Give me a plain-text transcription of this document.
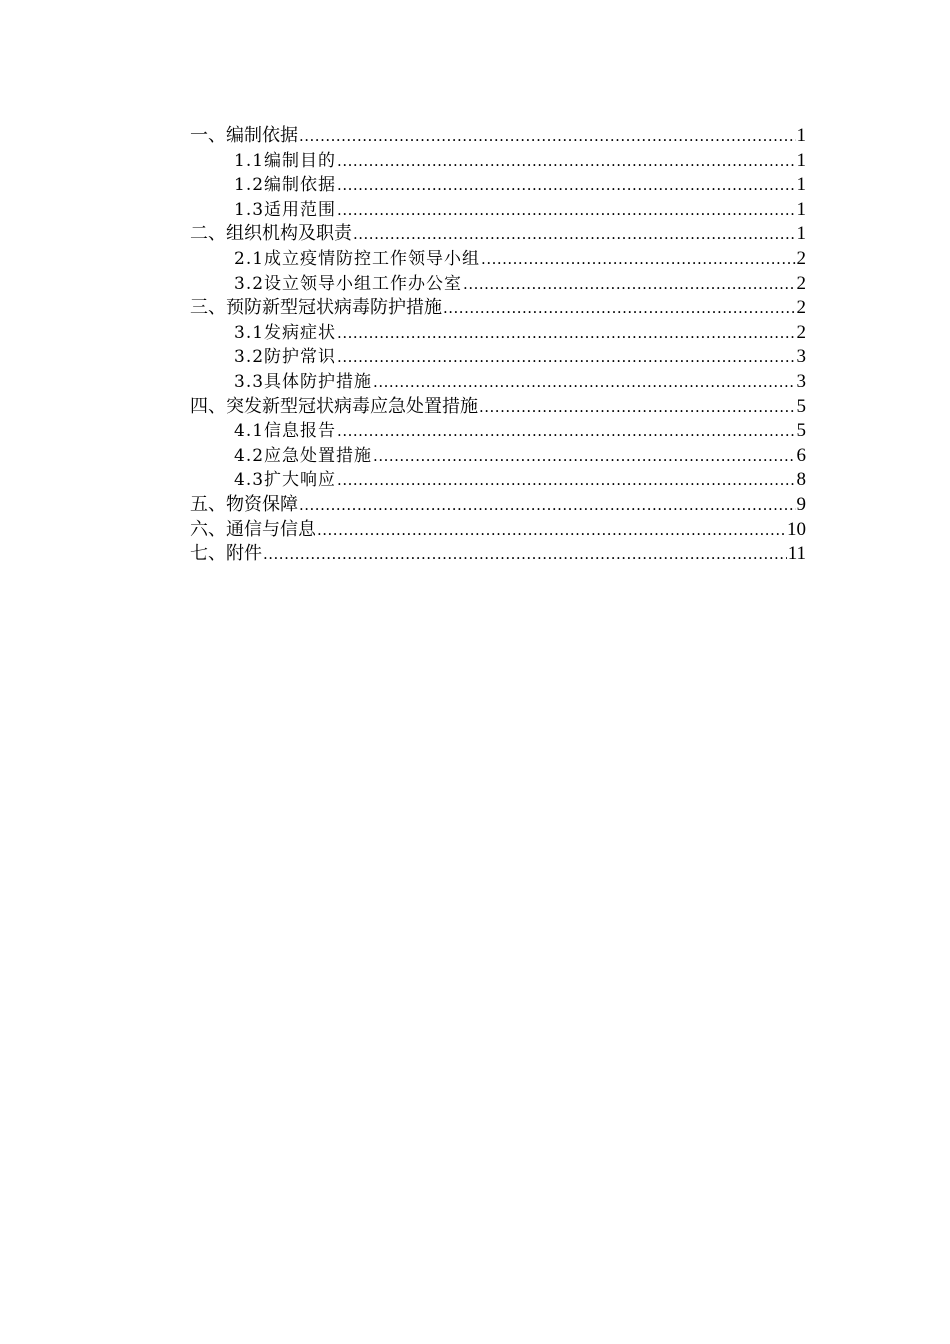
一、编制依据 .....	1
1.1编制目的 .....	1
1.2编制依据 .....	1
1.3适用范围 .....	1
二、组织机构及职责 .....	1
2.1成立疫情防控工作领导小组 .....	2
3.2设立领导小组工作办公室 .....	2
三、预防新型冠状病毒防护措施 .....	2
3.1发病症状 .....	2
3.2防护常识 .....	3
3.3具体防护措施 .....	3
四、突发新型冠状病毒应急处置措施 .....	5
4.1信息报告 .....	5
4.2应急处置措施 .....	6
4.3扩大响应 .....	8
五、物资保障 .....	9
六、通信与信息 .....	10
七、附件 .....	11
